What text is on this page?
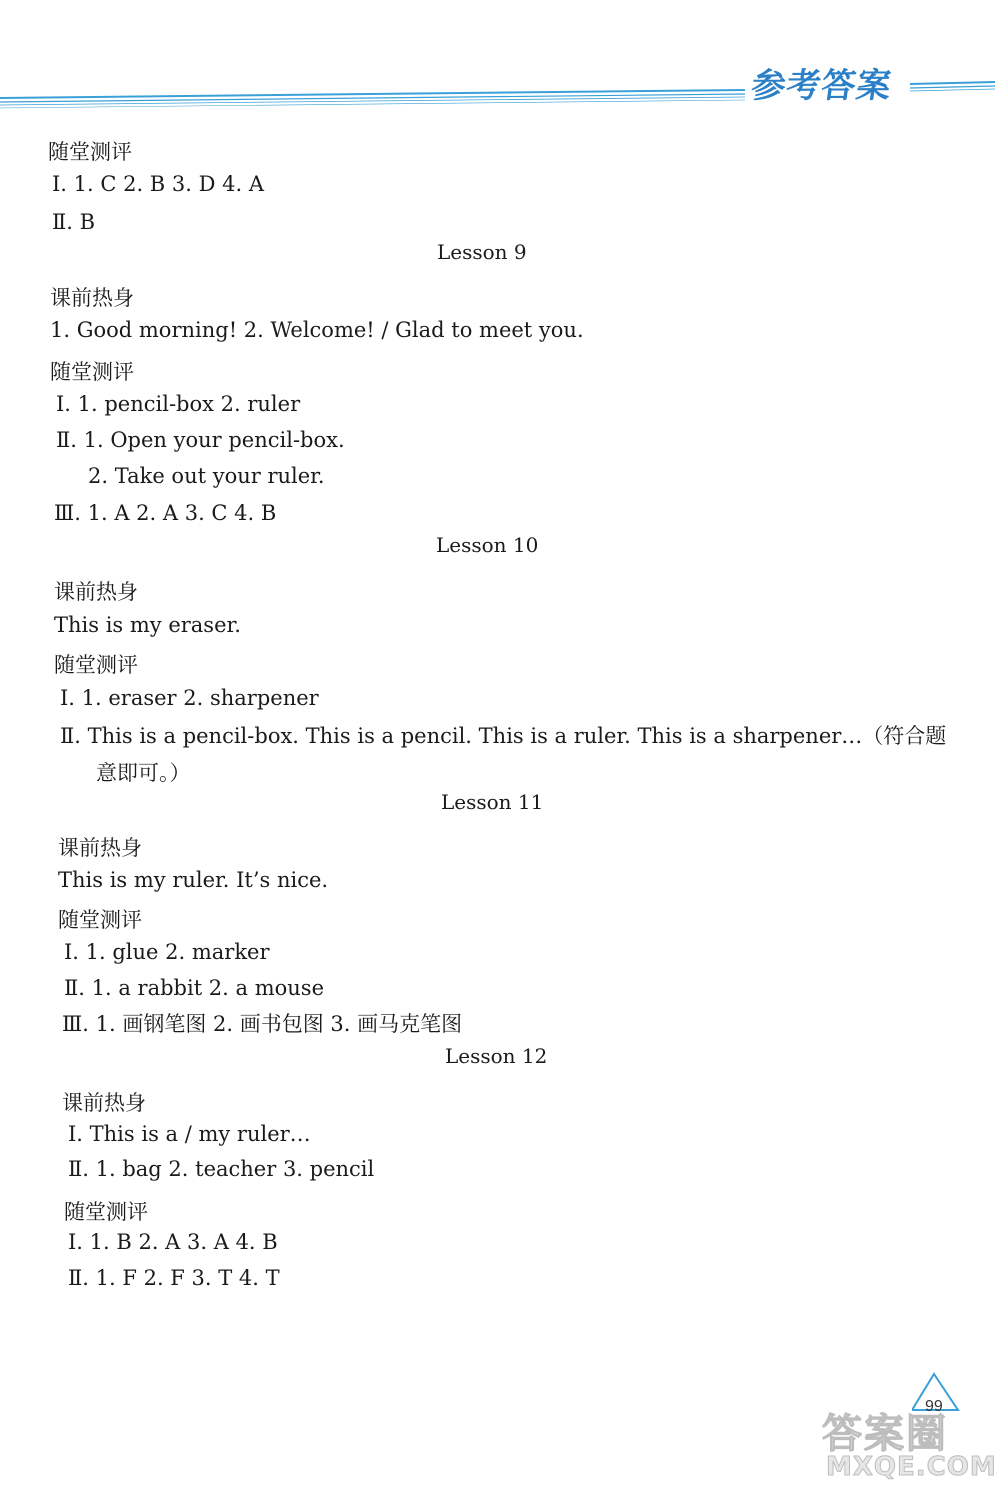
参考答案
随堂测评
Ⅰ. 1. C 2. B 3. D 4. A
Ⅱ. B
Lesson 9
课前热身
1. Good morning! 2. Welcome! / Glad to meet you.
随堂测评
Ⅰ. 1. pencil-box 2. ruler
Ⅱ. 1. Open your pencil-box.
2. Take out your ruler.
Ⅲ. 1. A 2. A 3. C 4. B
Lesson 10
课前热身
This is my eraser.
随堂测评
Ⅰ. 1. eraser 2. sharpener
Ⅱ. This is a pencil-box. This is a pencil. This is a ruler. This is a sharpener…（符合题
意即可。）
Lesson 11
课前热身
This is my ruler. It’s nice.
随堂测评
Ⅰ. 1. glue 2. marker
Ⅱ. 1. a rabbit 2. a mouse
Ⅲ. 1. 画钢笔图 2. 画书包图 3. 画马克笔图
Lesson 12
课前热身
Ⅰ. This is a / my ruler…
Ⅱ. 1. bag 2. teacher 3. pencil
随堂测评
Ⅰ. 1. B 2. A 3. A 4. B
Ⅱ. 1. F 2. F 3. T 4. T
99
答案圈
MXQE.COM
